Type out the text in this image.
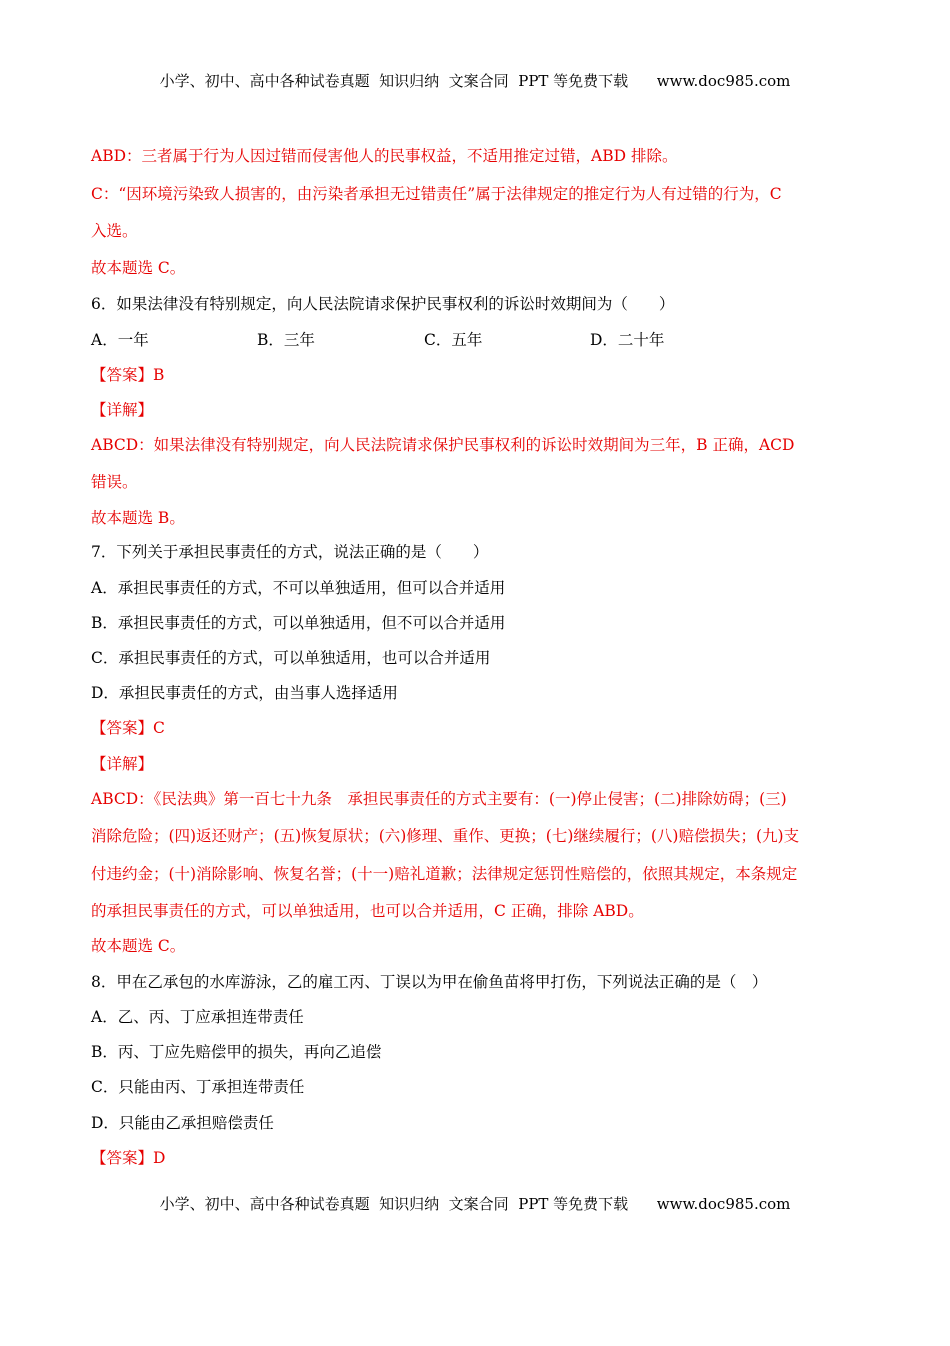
小学、初中、高中各种试卷真题  知识归纳  文案合同  PPT 等免费下载      www.doc985.com
ABD：三者属于行为人因过错而侵害他人的民事权益，不适用推定过错，ABD 排除。
C：“因环境污染致人损害的，由污染者承担无过错责任”属于法律规定的推定行为人有过错的行为，C
入选。
故本题选 C。
6．如果法律没有特别规定，向人民法院请求保护民事权利的诉讼时效期间为（　　）
A．一年	B．三年	C．五年	D．二十年
【答案】B
【详解】
ABCD：如果法律没有特别规定，向人民法院请求保护民事权利的诉讼时效期间为三年，B 正确，ACD
错误。
故本题选 B。
7．下列关于承担民事责任的方式，说法正确的是（　　）
A．承担民事责任的方式，不可以单独适用，但可以合并适用
B．承担民事责任的方式，可以单独适用，但不可以合并适用
C．承担民事责任的方式，可以单独适用，也可以合并适用
D．承担民事责任的方式，由当事人选择适用
【答案】C
【详解】
ABCD：《民法典》第一百七十九条　承担民事责任的方式主要有：(一)停止侵害；(二)排除妨碍；(三)
消除危险；(四)返还财产；(五)恢复原状；(六)修理、重作、更换；(七)继续履行；(八)赔偿损失；(九)支
付违约金；(十)消除影响、恢复名誉；(十一)赔礼道歉；法律规定惩罚性赔偿的，依照其规定，本条规定
的承担民事责任的方式，可以单独适用，也可以合并适用，C 正确，排除 ABD。
故本题选 C。
8．甲在乙承包的水库游泳，乙的雇工丙、丁误以为甲在偷鱼苗将甲打伤，下列说法正确的是（　）
A．乙、丙、丁应承担连带责任
B．丙、丁应先赔偿甲的损失，再向乙追偿
C．只能由丙、丁承担连带责任
D．只能由乙承担赔偿责任
【答案】D
小学、初中、高中各种试卷真题  知识归纳  文案合同  PPT 等免费下载      www.doc985.com
